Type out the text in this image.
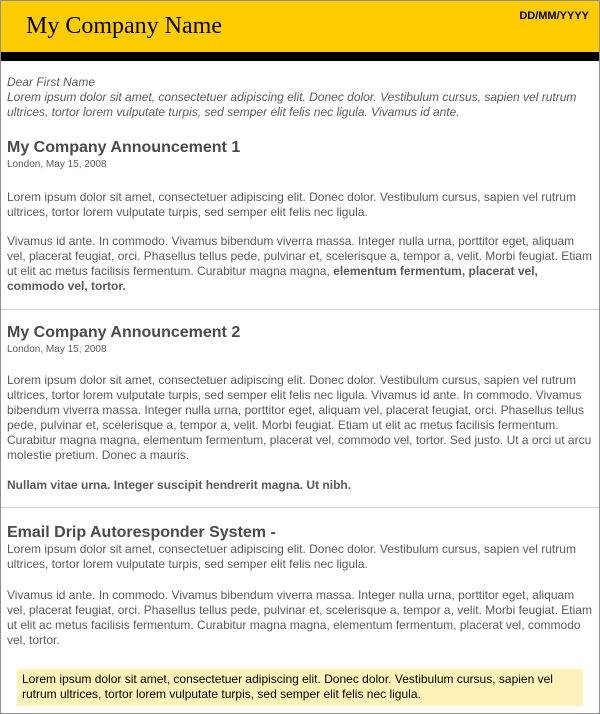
My Company Name	DD/MM/YYYY
Dear First Name
Lorem ipsum dolor sit amet, consectetuer adipiscing elit. Donec dolor. Vestibulum cursus, sapien vel rutrum ultrices, tortor lorem vulputate turpis, sed semper elit felis nec ligula. Vivamus id ante.
My Company Announcement 1
London, May 15, 2008
Lorem ipsum dolor sit amet, consectetuer adipiscing elit. Donec dolor. Vestibulum cursus, sapien vel rutrum ultrices, tortor lorem vulputate turpis, sed semper elit felis nec ligula.
Vivamus id ante. In commodo. Vivamus bibendum viverra massa. Integer nulla urna, porttitor eget, aliquam vel, placerat feugiat, orci. Phasellus tellus pede, pulvinar et, scelerisque a, tempor a, velit. Morbi feugiat. Etiam ut elit ac metus facilisis fermentum. Curabitur magna magna, elementum fermentum, placerat vel, commodo vel, tortor.
My Company Announcement 2
London, May 15, 2008
Lorem ipsum dolor sit amet, consectetuer adipiscing elit. Donec dolor. Vestibulum cursus, sapien vel rutrum ultrices, tortor lorem vulputate turpis, sed semper elit felis nec ligula. Vivamus id ante. In commodo. Vivamus bibendum viverra massa. Integer nulla urna, porttitor eget, aliquam vel, placerat feugiat, orci. Phasellus tellus pede, pulvinar et, scelerisque a, tempor a, velit. Morbi feugiat. Etiam ut elit ac metus facilisis fermentum. Curabitur magna magna, elementum fermentum, placerat vel, commodo vel, tortor. Sed justo. Ut a orci ut arcu molestie pretium. Donec a mauris.
Nullam vitae urna. Integer suscipit hendrerit magna. Ut nibh.
Email Drip Autoresponder System -
Lorem ipsum dolor sit amet, consectetuer adipiscing elit. Donec dolor. Vestibulum cursus, sapien vel rutrum ultrices, tortor lorem vulputate turpis, sed semper elit felis nec ligula.
Vivamus id ante. In commodo. Vivamus bibendum viverra massa. Integer nulla urna, porttitor eget, aliquam vel, placerat feugiat, orci. Phasellus tellus pede, pulvinar et, scelerisque a, tempor a, velit. Morbi feugiat. Etiam ut elit ac metus facilisis fermentum. Curabitur magna magna, elementum fermentum, placerat vel, commodo vel, tortor.
Lorem ipsum dolor sit amet, consectetuer adipiscing elit. Donec dolor. Vestibulum cursus, sapien vel rutrum ultrices, tortor lorem vulputate turpis, sed semper elit felis nec ligula.
